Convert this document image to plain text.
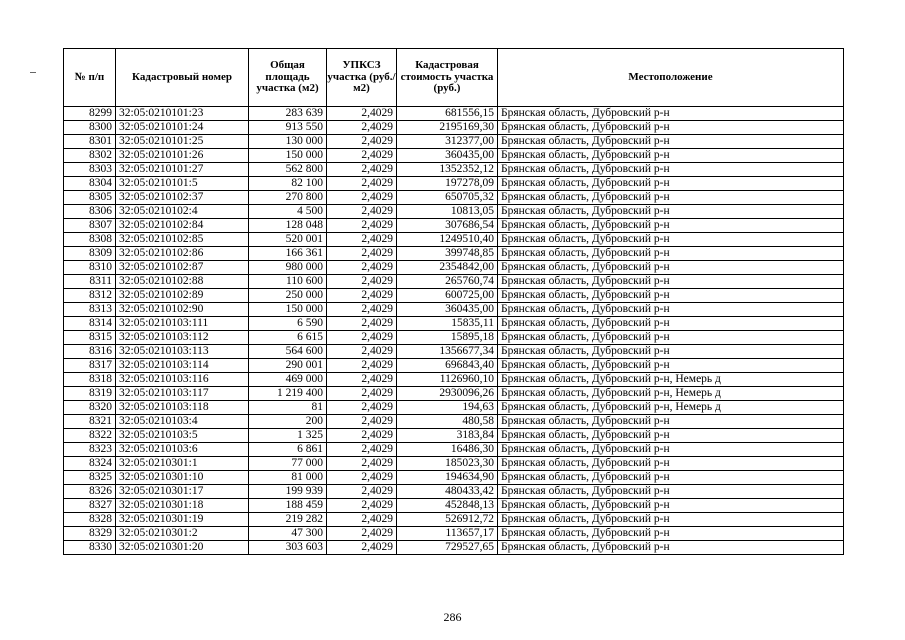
№ п/п	Кадастровый номер	Общая площадь участка (м2)	УПКСЗ участка (руб./м2)	Кадастровая стоимость участка (руб.)	Местоположение
8299	32:05:0210101:23	283 639	2,4029	681556,15	Брянская область, Дубровский р-н
8300	32:05:0210101:24	913 550	2,4029	2195169,30	Брянская область, Дубровский р-н
8301	32:05:0210101:25	130 000	2,4029	312377,00	Брянская область, Дубровский р-н
8302	32:05:0210101:26	150 000	2,4029	360435,00	Брянская область, Дубровский р-н
8303	32:05:0210101:27	562 800	2,4029	1352352,12	Брянская область, Дубровский р-н
8304	32:05:0210101:5	82 100	2,4029	197278,09	Брянская область, Дубровский р-н
8305	32:05:0210102:37	270 800	2,4029	650705,32	Брянская область, Дубровский р-н
8306	32:05:0210102:4	4 500	2,4029	10813,05	Брянская область, Дубровский р-н
8307	32:05:0210102:84	128 048	2,4029	307686,54	Брянская область, Дубровский р-н
8308	32:05:0210102:85	520 001	2,4029	1249510,40	Брянская область, Дубровский р-н
8309	32:05:0210102:86	166 361	2,4029	399748,85	Брянская область, Дубровский р-н
8310	32:05:0210102:87	980 000	2,4029	2354842,00	Брянская область, Дубровский р-н
8311	32:05:0210102:88	110 600	2,4029	265760,74	Брянская область, Дубровский р-н
8312	32:05:0210102:89	250 000	2,4029	600725,00	Брянская область, Дубровский р-н
8313	32:05:0210102:90	150 000	2,4029	360435,00	Брянская область, Дубровский р-н
8314	32:05:0210103:111	6 590	2,4029	15835,11	Брянская область, Дубровский р-н
8315	32:05:0210103:112	6 615	2,4029	15895,18	Брянская область, Дубровский р-н
8316	32:05:0210103:113	564 600	2,4029	1356677,34	Брянская область, Дубровский р-н
8317	32:05:0210103:114	290 001	2,4029	696843,40	Брянская область, Дубровский р-н
8318	32:05:0210103:116	469 000	2,4029	1126960,10	Брянская область, Дубровский р-н, Немерь д
8319	32:05:0210103:117	1 219 400	2,4029	2930096,26	Брянская область, Дубровский р-н, Немерь д
8320	32:05:0210103:118	81	2,4029	194,63	Брянская область, Дубровский р-н, Немерь д
8321	32:05:0210103:4	200	2,4029	480,58	Брянская область, Дубровский р-н
8322	32:05:0210103:5	1 325	2,4029	3183,84	Брянская область, Дубровский р-н
8323	32:05:0210103:6	6 861	2,4029	16486,30	Брянская область, Дубровский р-н
8324	32:05:0210301:1	77 000	2,4029	185023,30	Брянская область, Дубровский р-н
8325	32:05:0210301:10	81 000	2,4029	194634,90	Брянская область, Дубровский р-н
8326	32:05:0210301:17	199 939	2,4029	480433,42	Брянская область, Дубровский р-н
8327	32:05:0210301:18	188 459	2,4029	452848,13	Брянская область, Дубровский р-н
8328	32:05:0210301:19	219 282	2,4029	526912,72	Брянская область, Дубровский р-н
8329	32:05:0210301:2	47 300	2,4029	113657,17	Брянская область, Дубровский р-н
8330	32:05:0210301:20	303 603	2,4029	729527,65	Брянская область, Дубровский р-н
286
